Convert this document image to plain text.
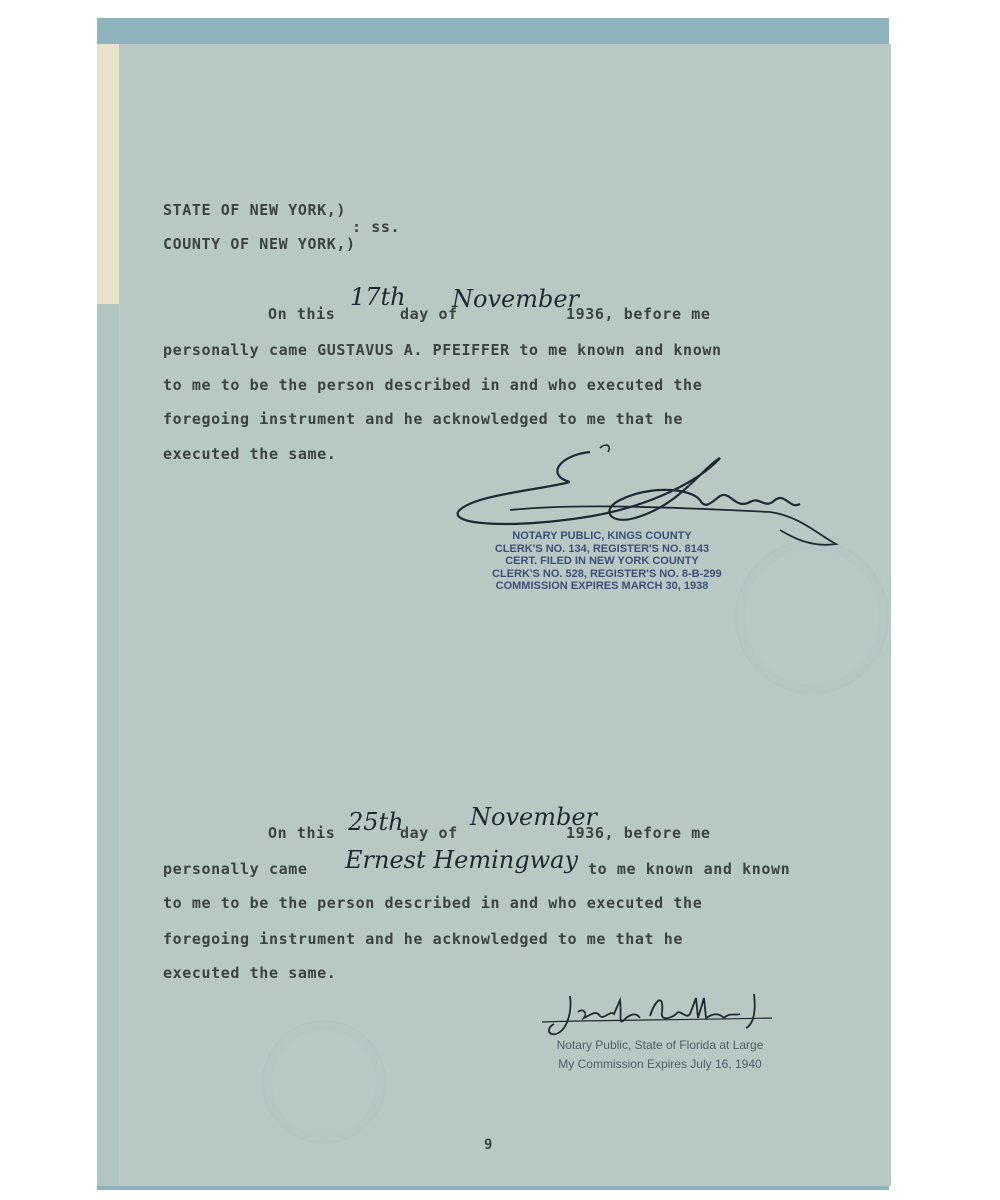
STATE OF NEW YORK,)
: ss.
COUNTY OF NEW YORK,)
On this
17th
day of
November
1936, before me
personally came GUSTAVUS A. PFEIFFER to me known and known
to me to be the person described in and who executed the
foregoing instrument and he acknowledged to me that he
executed the same.
NOTARY PUBLIC, KINGS COUNTY
CLERK'S NO. 134, REGISTER'S NO. 8143
CERT. FILED IN NEW YORK COUNTY
CLERK'S NO. 528, REGISTER'S NO. 8-B-299
COMMISSION EXPIRES MARCH 30, 1938
On this 25th
day of
November
1936, before me
personally came Ernest Hemingway to me known and known
to me to be the person described in and who executed the
foregoing instrument and he acknowledged to me that he
executed the same.
Notary Public, State of Florida at Large
My Commission Expires July 16, 1940
9
